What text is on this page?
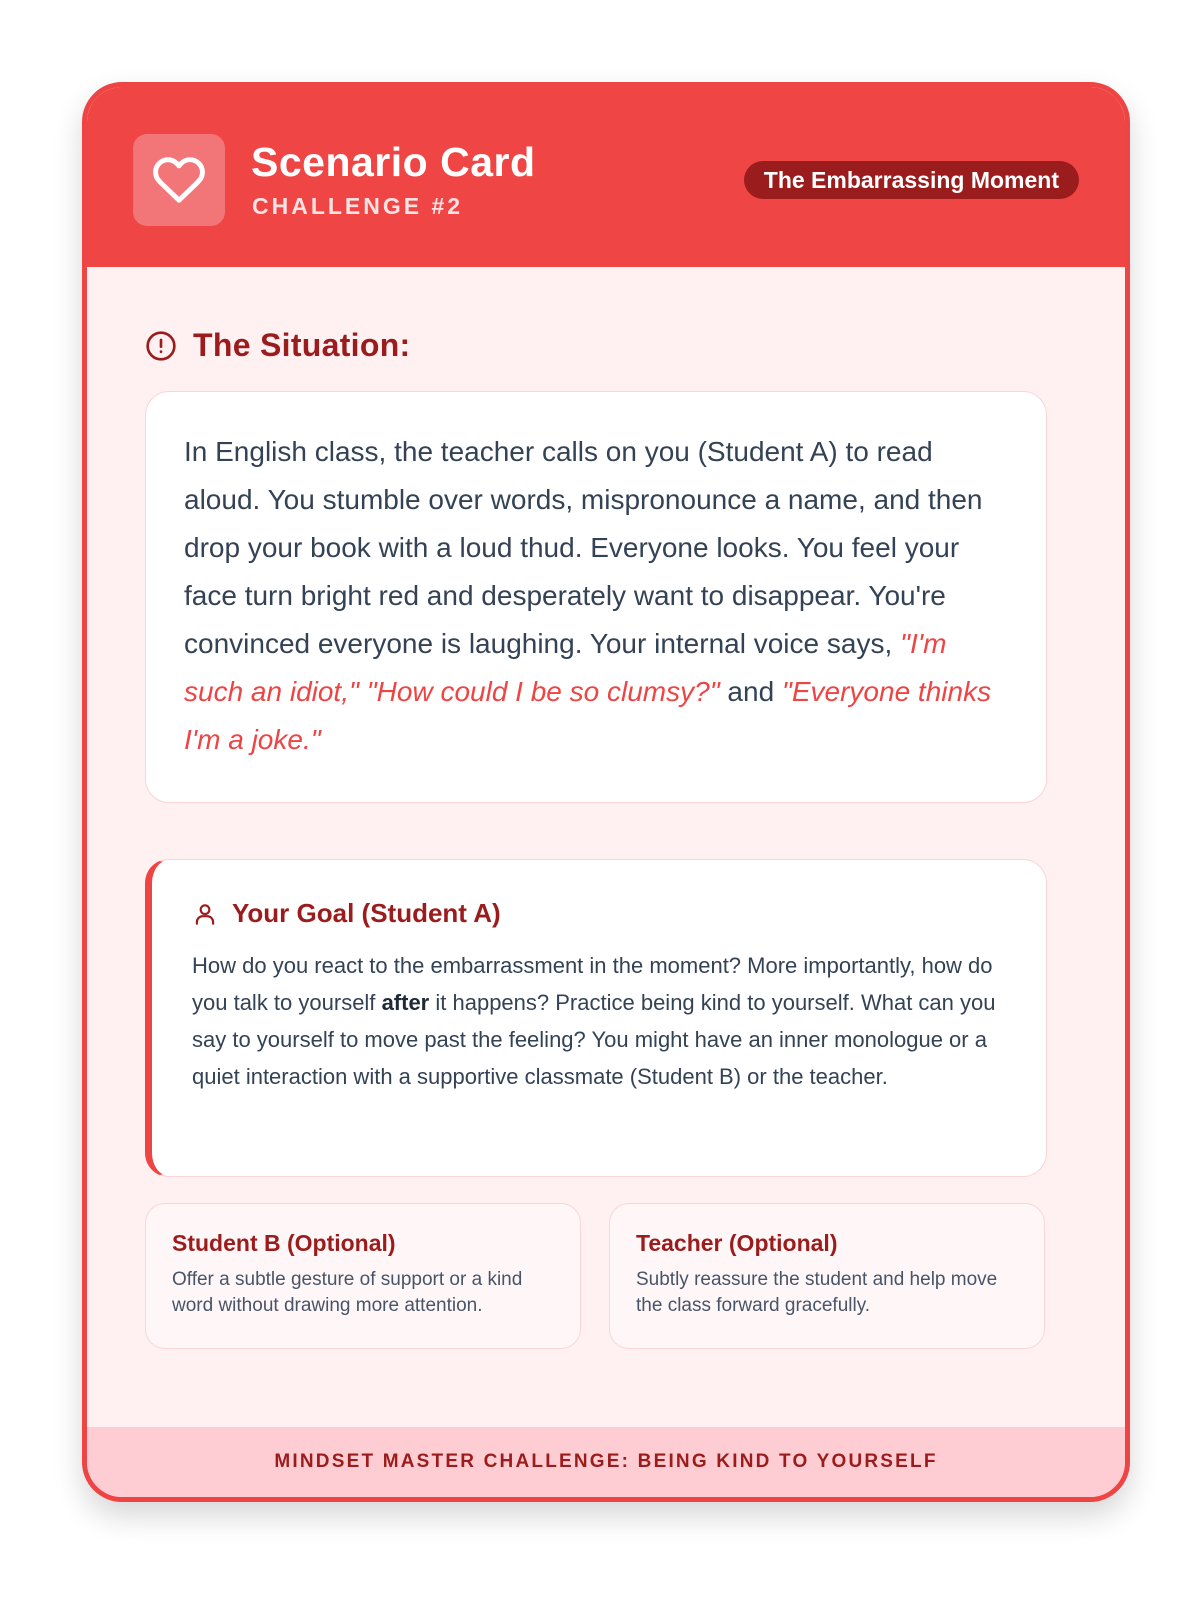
Scenario Card
CHALLENGE #2
The Embarrassing Moment
The Situation:

In English class, the teacher calls on you (Student A) to read aloud. You stumble over words, mispronounce a name, and then drop your book with a loud thud. Everyone looks. You feel your face turn bright red and desperately want to disappear. You're convinced everyone is laughing. Your internal voice says, "I'm such an idiot," "How could I be so clumsy?" and "Everyone thinks I'm a joke."

Your Goal (Student A)

How do you react to the embarrassment in the moment? More importantly, how do you talk to yourself after it happens? Practice being kind to yourself. What can you say to yourself to move past the feeling? You might have an inner monologue or a quiet interaction with a supportive classmate (Student B) or the teacher.

Student B (Optional)
Offer a subtle gesture of support or a kind word without drawing more attention.
Teacher (Optional)
Subtly reassure the student and help move the class forward gracefully.
MINDSET MASTER CHALLENGE: BEING KIND TO YOURSELF
